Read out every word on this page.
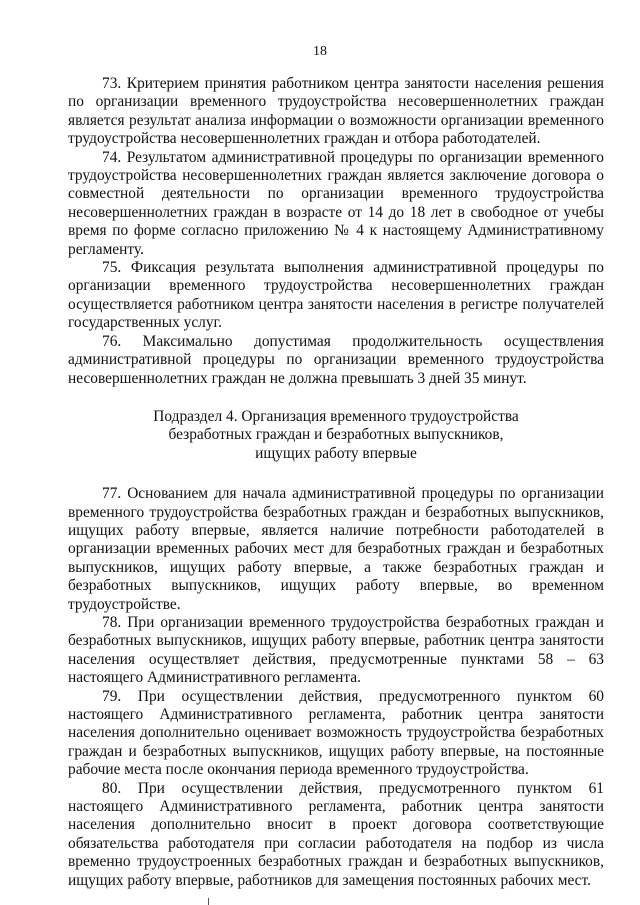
18

73. Критерием принятия работником центра занятости населения решения по организации временного трудоустройства несовершеннолетних граждан является результат анализа информации о возможности организации временного трудоустройства несовершеннолетних граждан и отбора работодателей.

74. Результатом административной процедуры по организации временного трудоустройства несовершеннолетних граждан является заключение договора о совместной деятельности по организации временного трудоустройства несовершеннолетних граждан в возрасте от 14 до 18 лет в свободное от учебы время по форме согласно приложению № 4 к настоящему Административному регламенту.

75. Фиксация результата выполнения административной процедуры по организации временного трудоустройства несовершеннолетних граждан осуществляется работником центра занятости населения в регистре получателей государственных услуг.

76. Максимально допустимая продолжительность осуществления административной процедуры по организации временного трудоустройства несовершеннолетних граждан не должна превышать 3 дней 35 минут.

Подраздел 4. Организация временного трудоустройства
безработных граждан и безработных выпускников,
ищущих работу впервые

77. Основанием для начала административной процедуры по организации временного трудоустройства безработных граждан и безработных выпускников, ищущих работу впервые, является наличие потребности работодателей в организации временных рабочих мест для безработных граждан и безработных выпускников, ищущих работу впервые, а также безработных граждан и безработных выпускников, ищущих работу впервые, во временном трудоустройстве.

78. При организации временного трудоустройства безработных граждан и безработных выпускников, ищущих работу впервые, работник центра занятости населения осуществляет действия, предусмотренные пунктами 58 – 63 настоящего Административного регламента.

79. При осуществлении действия, предусмотренного пунктом 60 настоящего Административного регламента, работник центра занятости населения дополнительно оценивает возможность трудоустройства безработных граждан и безработных выпускников, ищущих работу впервые, на постоянные рабочие места после окончания периода временного трудоустройства.

80. При осуществлении действия, предусмотренного пунктом 61 настоящего Административного регламента, работник центра занятости населения дополнительно вносит в проект договора соответствующие обязательства работодателя при согласии работодателя на подбор из числа временно трудоустроенных безработных граждан и безработных выпускников, ищущих работу впервые, работников для замещения постоянных рабочих мест.
